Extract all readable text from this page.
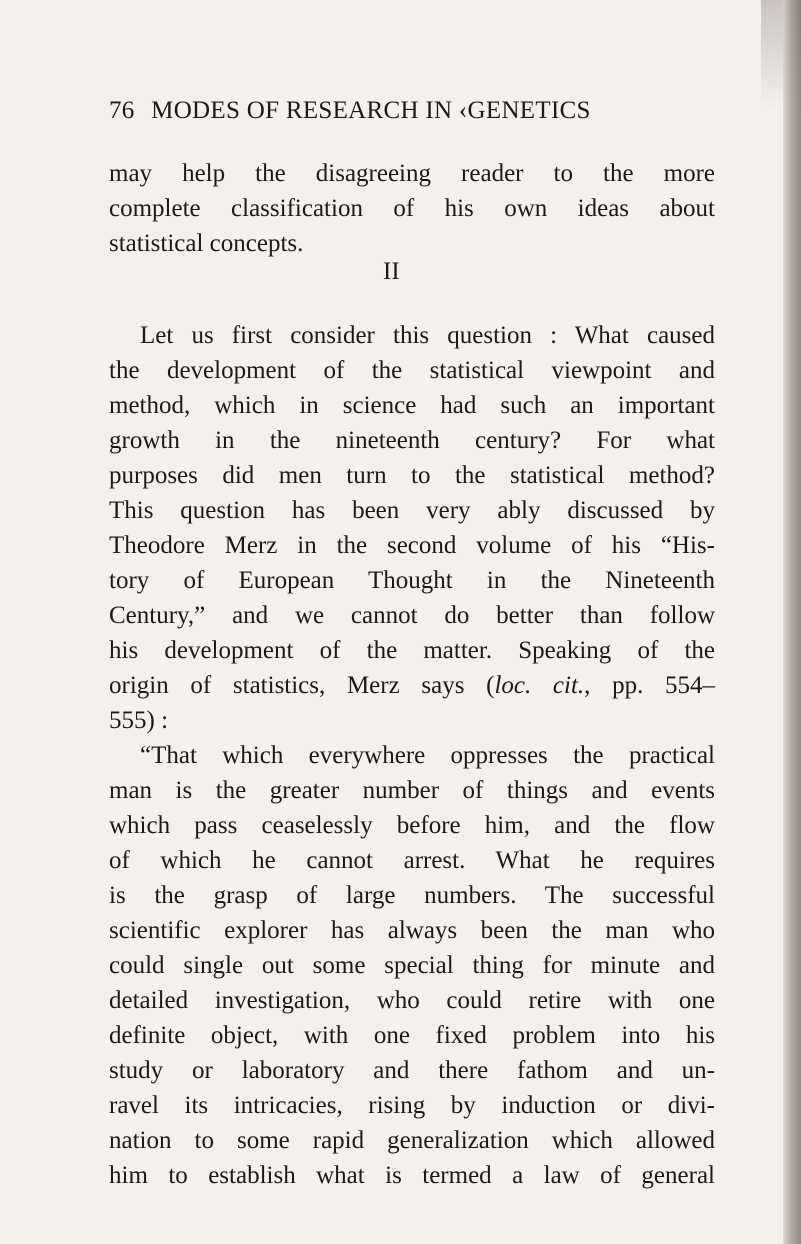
76 MODES OF RESEARCH IN ‹GENETICS
may help the disagreeing reader to the more
complete classification of his own ideas about
statistical concepts.
II
Let us first consider this question : What caused
the development of the statistical viewpoint and
method, which in science had such an important
growth in the nineteenth century? For what
purposes did men turn to the statistical method?
This question has been very ably discussed by
Theodore Merz in the second volume of his “His-
tory of European Thought in the Nineteenth
Century,” and we cannot do better than follow
his development of the matter. Speaking of the
origin of statistics, Merz says (loc. cit., pp. 554–
555) :
“That which everywhere oppresses the practical
man is the greater number of things and events
which pass ceaselessly before him, and the flow
of which he cannot arrest. What he requires
is the grasp of large numbers. The successful
scientific explorer has always been the man who
could single out some special thing for minute and
detailed investigation, who could retire with one
definite object, with one fixed problem into his
study or laboratory and there fathom and un-
ravel its intricacies, rising by induction or divi-
nation to some rapid generalization which allowed
him to establish what is termed a law of general
